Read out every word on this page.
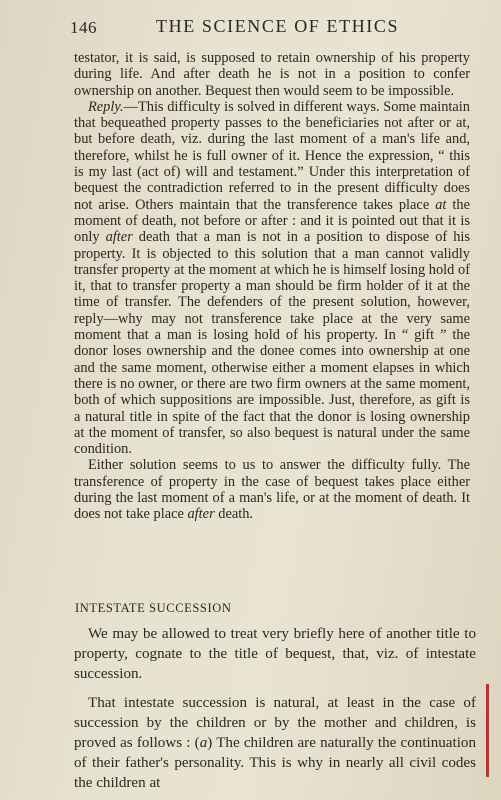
146	THE SCIENCE OF ETHICS

testator, it is said, is supposed to retain ownership of his property during life. And after death he is not in a position to confer ownership on another. Bequest then would seem to be impossible.

Reply.—This difficulty is solved in different ways. Some maintain that bequeathed property passes to the beneficiaries not after or at, but before death, viz. during the last moment of a man's life and, therefore, whilst he is full owner of it. Hence the expression, “ this is my last (act of) will and testament.” Under this interpretation of bequest the contradiction referred to in the present difficulty does not arise. Others maintain that the transference takes place at the moment of death, not before or after : and it is pointed out that it is only after death that a man is not in a position to dispose of his property. It is objected to this solution that a man cannot validly transfer property at the moment at which he is himself losing hold of it, that to transfer property a man should be firm holder of it at the time of transfer. The defenders of the present solution, however, reply—why may not transference take place at the very same moment that a man is losing hold of his property. In “ gift ” the donor loses ownership and the donee comes into ownership at one and the same moment, otherwise either a moment elapses in which there is no owner, or there are two firm owners at the same moment, both of which suppositions are impossible. Just, therefore, as gift is a natural title in spite of the fact that the donor is losing ownership at the moment of transfer, so also bequest is natural under the same condition.

Either solution seems to us to answer the difficulty fully. The transference of property in the case of bequest takes place either during the last moment of a man's life, or at the moment of death. It does not take place after death.

INTESTATE SUCCESSION

We may be allowed to treat very briefly here of another title to property, cognate to the title of bequest, that, viz. of intestate succession.

That intestate succession is natural, at least in the case of succession by the children or by the mother and children, is proved as follows : (a) The children are naturally the continuation of their father's personality. This is why in nearly all civil codes the children at
